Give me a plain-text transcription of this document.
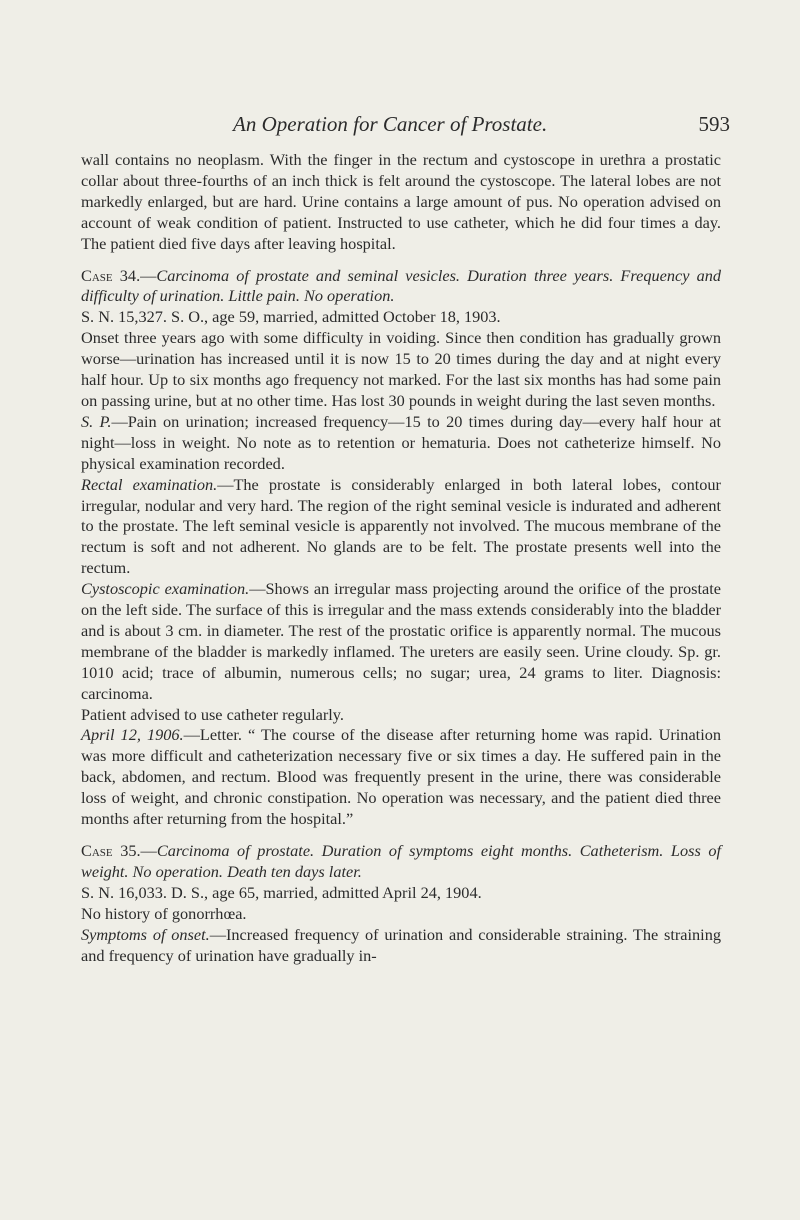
An Operation for Cancer of Prostate.	593

wall contains no neoplasm. With the finger in the rectum and cystoscope in urethra a prostatic collar about three-fourths of an inch thick is felt around the cystoscope. The lateral lobes are not markedly enlarged, but are hard. Urine contains a large amount of pus. No operation advised on account of weak condition of patient. Instructed to use catheter, which he did four times a day. The patient died five days after leaving hospital.

Case 34.—Carcinoma of prostate and seminal vesicles. Duration three years. Frequency and difficulty of urination. Little pain. No operation.

S. N. 15,327. S. O., age 59, married, admitted October 18, 1903.

Onset three years ago with some difficulty in voiding. Since then condition has gradually grown worse—urination has increased until it is now 15 to 20 times during the day and at night every half hour. Up to six months ago frequency not marked. For the last six months has had some pain on passing urine, but at no other time. Has lost 30 pounds in weight during the last seven months.

S. P.—Pain on urination; increased frequency—15 to 20 times during day—every half hour at night—loss in weight. No note as to retention or hematuria. Does not catheterize himself. No physical examination recorded.

Rectal examination.—The prostate is considerably enlarged in both lateral lobes, contour irregular, nodular and very hard. The region of the right seminal vesicle is indurated and adherent to the prostate. The left seminal vesicle is apparently not involved. The mucous membrane of the rectum is soft and not adherent. No glands are to be felt. The prostate presents well into the rectum.

Cystoscopic examination.—Shows an irregular mass projecting around the orifice of the prostate on the left side. The surface of this is irregular and the mass extends considerably into the bladder and is about 3 cm. in diameter. The rest of the prostatic orifice is apparently normal. The mucous membrane of the bladder is markedly inflamed. The ureters are easily seen. Urine cloudy. Sp. gr. 1010 acid; trace of albumin, numerous cells; no sugar; urea, 24 grams to liter. Diagnosis: carcinoma.

Patient advised to use catheter regularly.

April 12, 1906.—Letter. “ The course of the disease after returning home was rapid. Urination was more difficult and catheterization necessary five or six times a day. He suffered pain in the back, abdomen, and rectum. Blood was frequently present in the urine, there was considerable loss of weight, and chronic constipation. No operation was necessary, and the patient died three months after returning from the hospital.”

Case 35.—Carcinoma of prostate. Duration of symptoms eight months. Catheterism. Loss of weight. No operation. Death ten days later.

S. N. 16,033. D. S., age 65, married, admitted April 24, 1904.

No history of gonorrhœa.

Symptoms of onset.—Increased frequency of urination and considerable straining. The straining and frequency of urination have gradually in-
